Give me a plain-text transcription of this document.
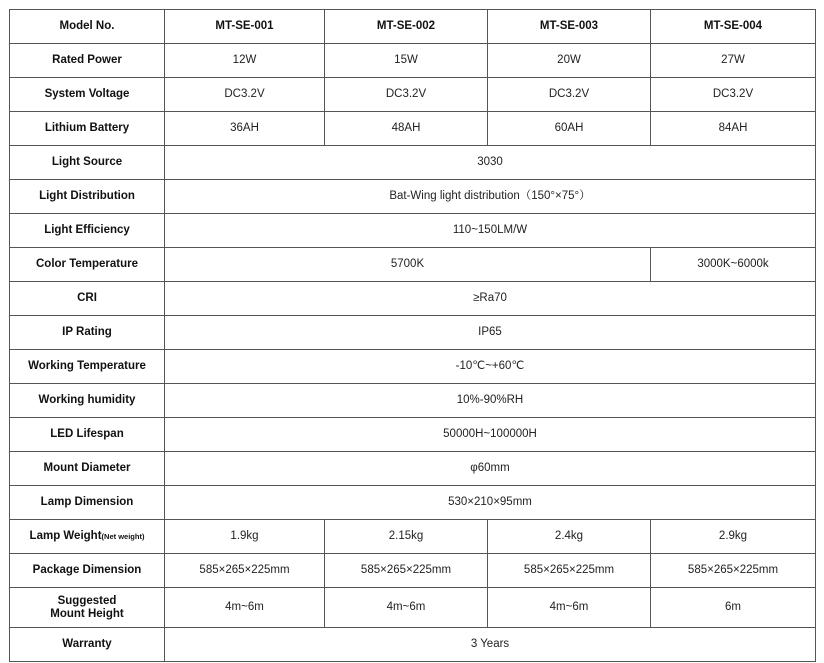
Model No.	MT-SE-001	MT-SE-002	MT-SE-003	MT-SE-004
Rated Power	12W	15W	20W	27W
System Voltage	DC3.2V	DC3.2V	DC3.2V	DC3.2V
Lithium Battery	36AH	48AH	60AH	84AH
Light Source	3030			
Light Distribution	Bat-Wing light distribution（150°×75°）			
Light Efficiency	110~150LM/W			
Color Temperature	5700K			3000K~6000k
CRI	≥Ra70			
IP Rating	IP65			
Working Temperature	-10℃~+60℃			
Working humidity	10%-90%RH			
LED Lifespan	50000H~100000H			
Mount Diameter	φ60mm			
Lamp Dimension	530×210×95mm			
Lamp Weight(Net weight)	1.9kg	2.15kg	2.4kg	2.9kg
Package Dimension	585×265×225mm	585×265×225mm	585×265×225mm	585×265×225mm
Suggested
Mount Height	4m~6m	4m~6m	4m~6m	6m
Warranty	3 Years			
